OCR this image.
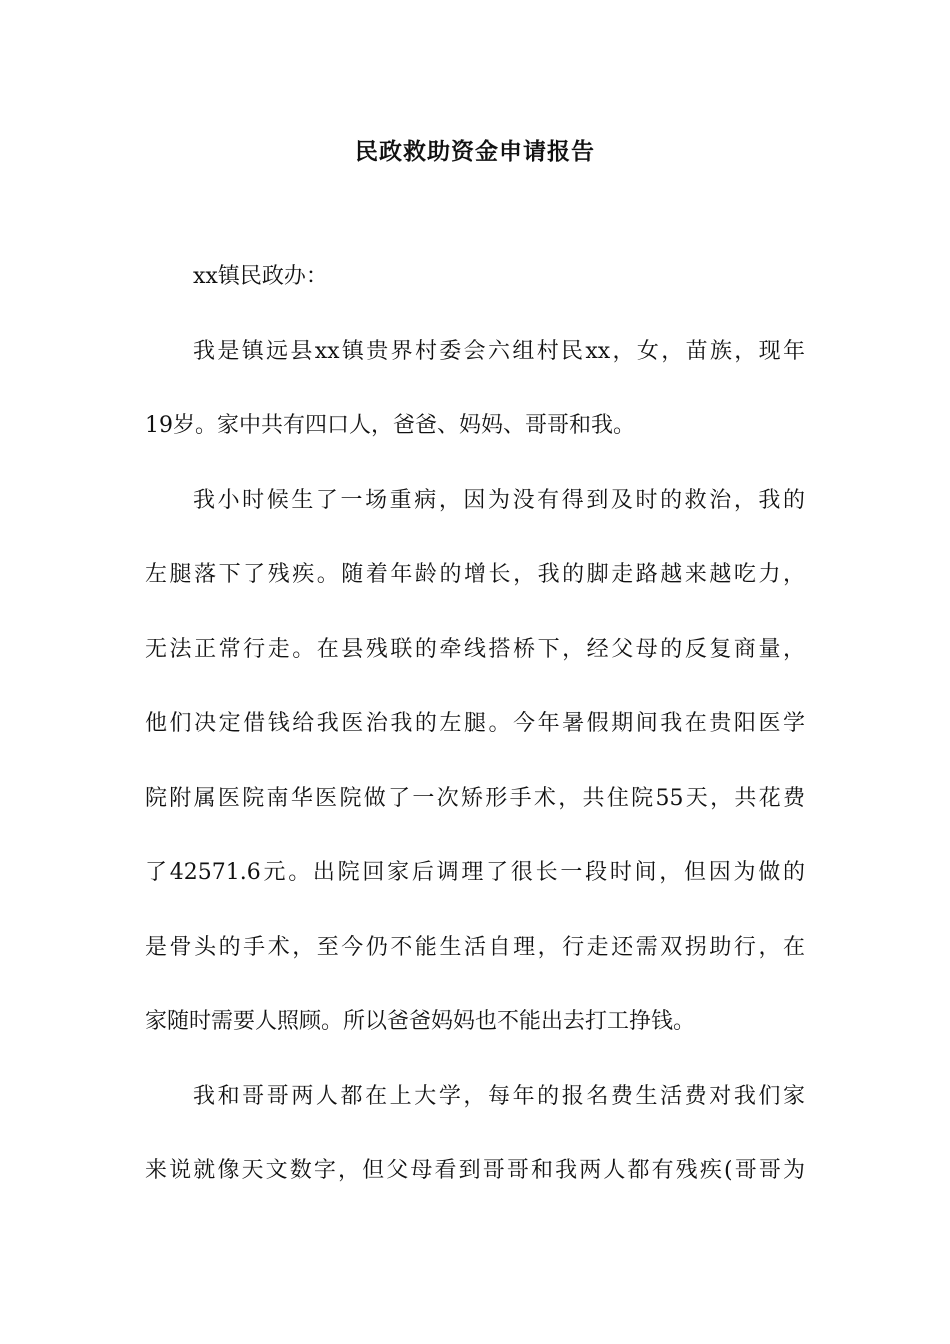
民政救助资金申请报告
xx镇民政办：
我是镇远县xx镇贵界村委会六组村民xx，女，苗族，现年
19岁。家中共有四口人，爸爸、妈妈、哥哥和我。
我小时候生了一场重病，因为没有得到及时的救治，我的
左腿落下了残疾。随着年龄的增长，我的脚走路越来越吃力，
无法正常行走。在县残联的牵线搭桥下，经父母的反复商量，
他们决定借钱给我医治我的左腿。今年暑假期间我在贵阳医学
院附属医院南华医院做了一次矫形手术，共住院55天，共花费
了42571.6元。出院回家后调理了很长一段时间，但因为做的
是骨头的手术，至今仍不能生活自理，行走还需双拐助行，在
家随时需要人照顾。所以爸爸妈妈也不能出去打工挣钱。
我和哥哥两人都在上大学，每年的报名费生活费对我们家
来说就像天文数字，但父母看到哥哥和我两人都有残疾(哥哥为
